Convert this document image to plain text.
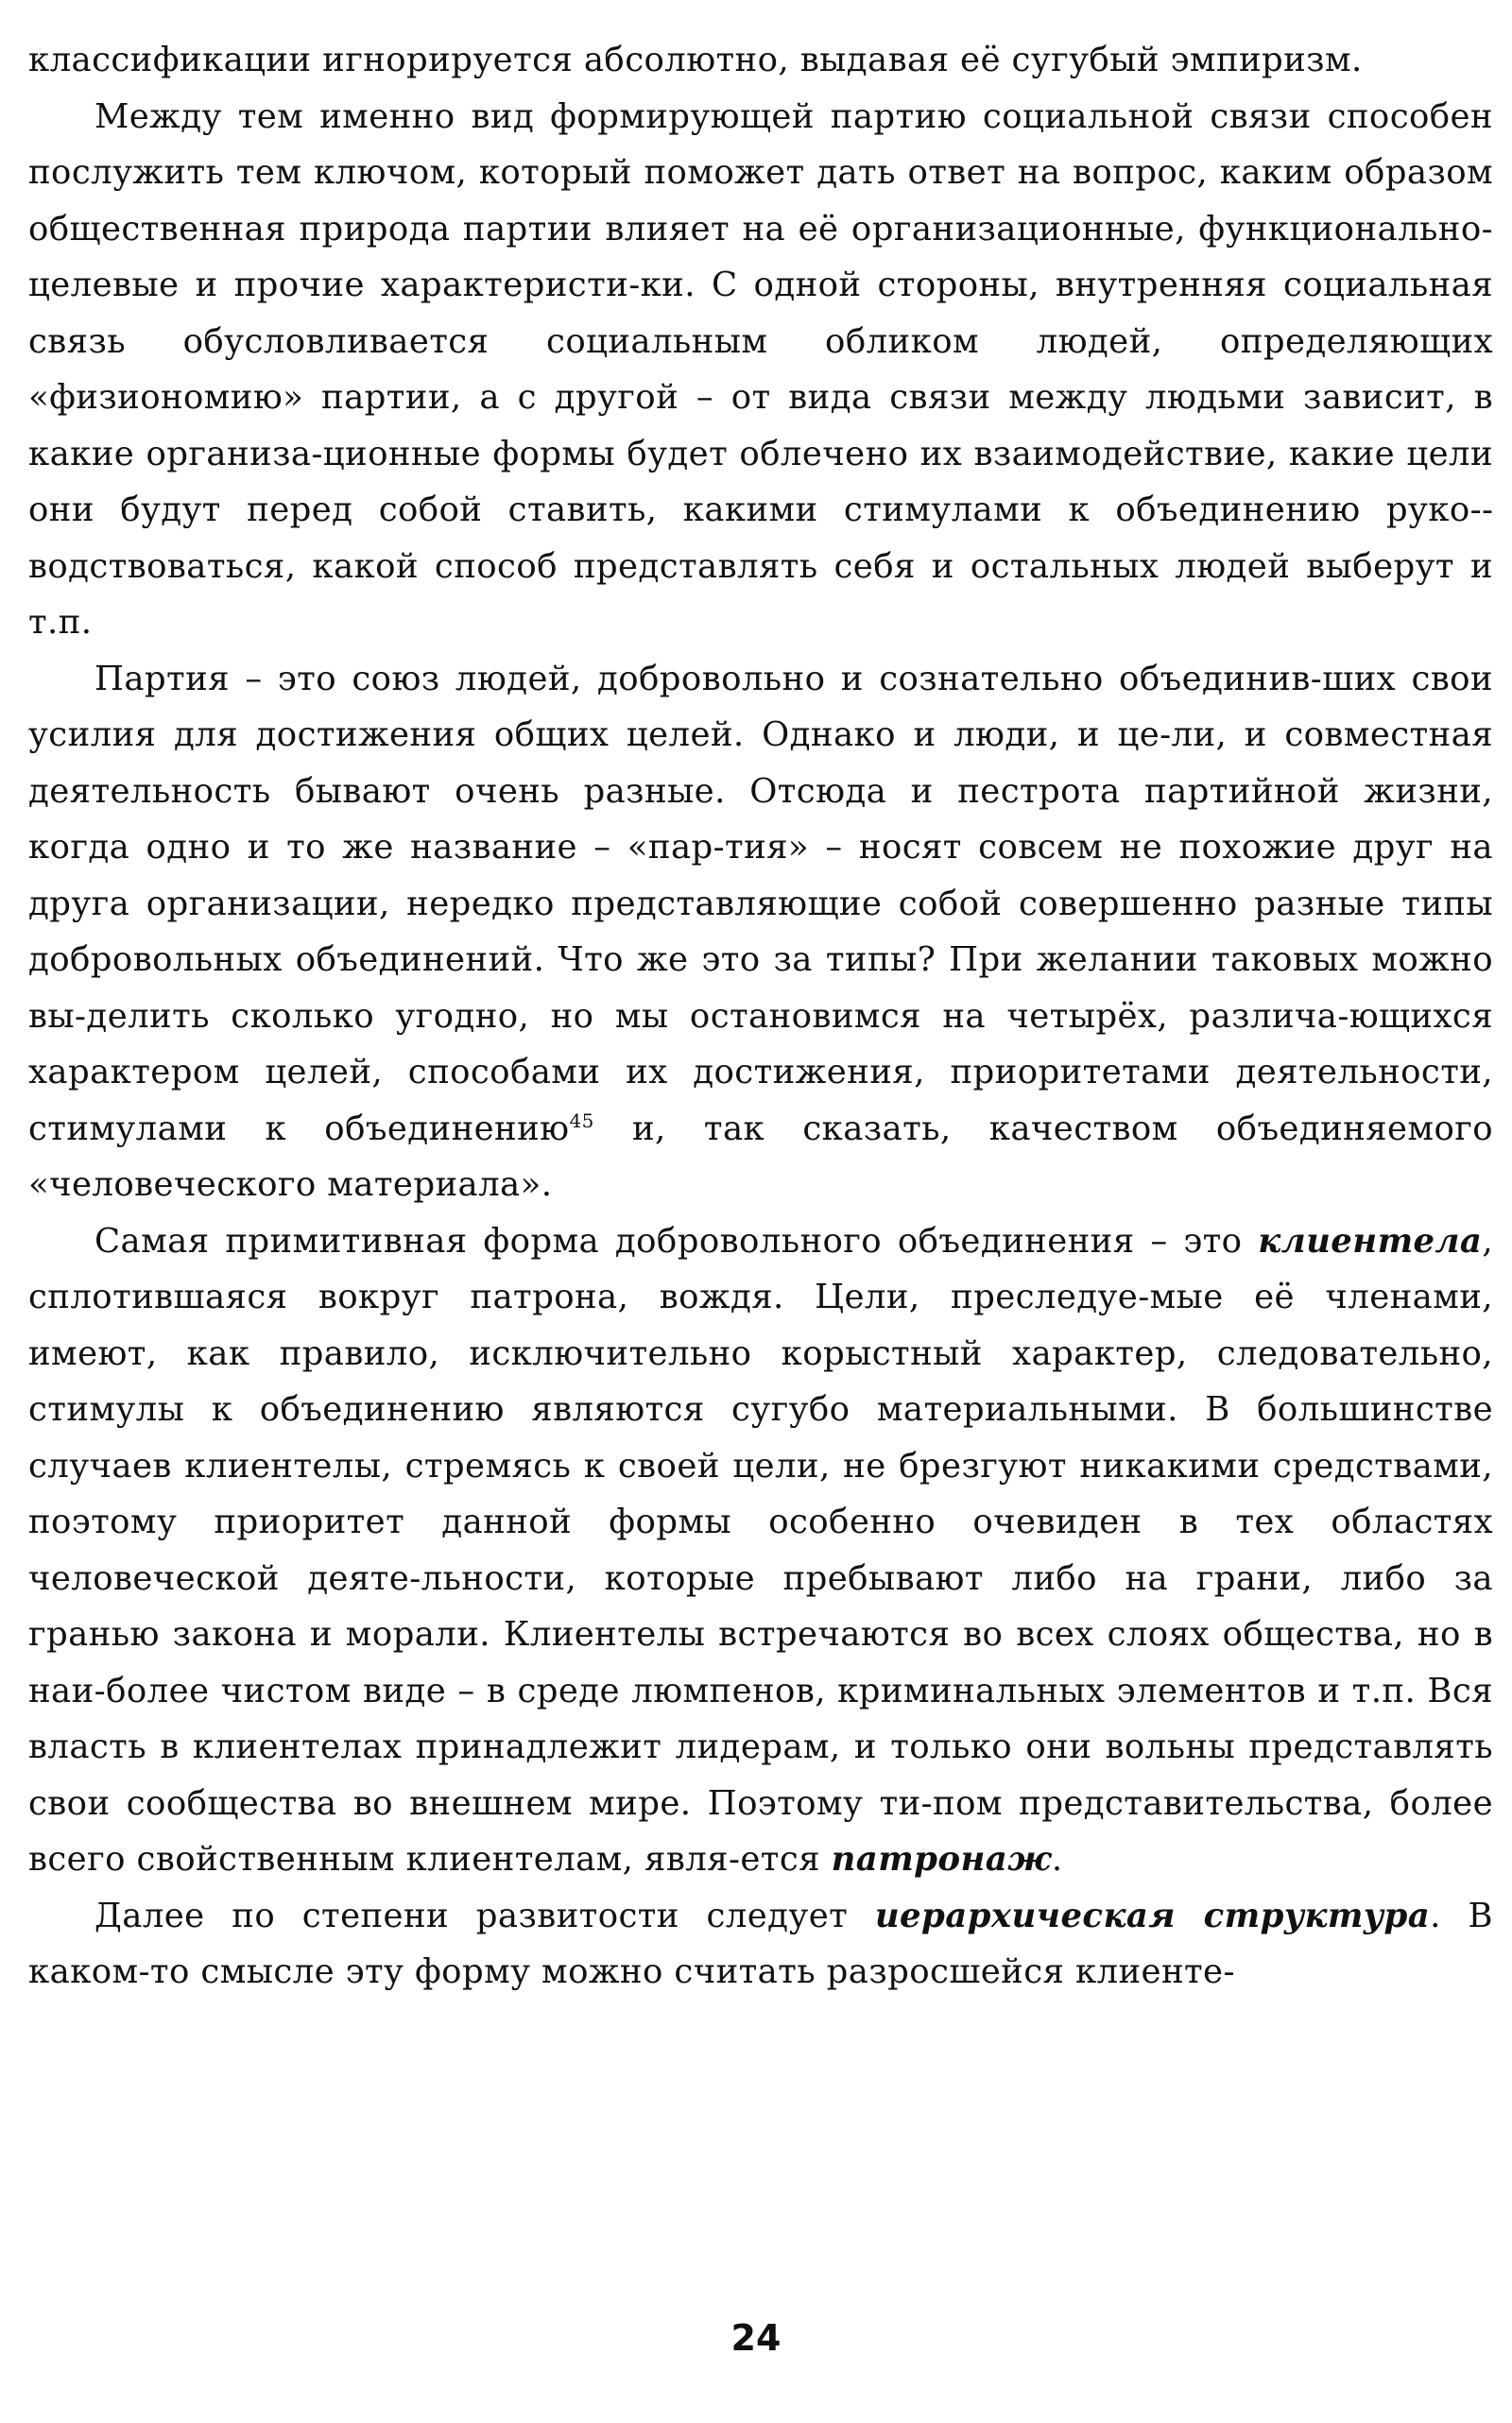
классификации игнорируется абсолютно, выдавая её сугубый эмпиризм.

Между тем именно вид формирующей партию социальной связи способен послужить тем ключом, который поможет дать ответ на вопрос, каким образом общественная природа партии влияет на её организационные, функционально-целевые и прочие характеристи-ки. С одной стороны, внутренняя социальная связь обусловливается социальным обликом людей, определяющих «физиономию» партии, а с другой – от вида связи между людьми зависит, в какие организа-ционные формы будет облечено их взаимодействие, какие цели они будут перед собой ставить, какими стимулами к объединению руко-водствоваться, какой способ представлять себя и остальных людей выберут и т.п.

Партия – это союз людей, добровольно и сознательно объединив-ших свои усилия для достижения общих целей. Однако и люди, и це-ли, и совместная деятельность бывают очень разные. Отсюда и пестрота партийной жизни, когда одно и то же название – «пар-тия» – носят совсем не похожие друг на друга организации, нередко представляющие собой совершенно разные типы добровольных объединений. Что же это за типы? При желании таковых можно вы-делить сколько угодно, но мы остановимся на четырёх, различа-ющихся характером целей, способами их достижения, приоритетами деятельности, стимулами к объединению$^{45}$ и, так сказать, качеством объединяемого «человеческого материала».

Самая примитивная форма добровольного объединения – это клиентела, сплотившаяся вокруг патрона, вождя. Цели, преследуе-мые её членами, имеют, как правило, исключительно корыстный характер, следовательно, стимулы к объединению являются сугубо материальными. В большинстве случаев клиентелы, стремясь к своей цели, не брезгуют никакими средствами, поэтому приоритет данной формы особенно очевиден в тех областях человеческой деяте-льности, которые пребывают либо на грани, либо за гранью закона и морали. Клиентелы встречаются во всех слоях общества, но в наи-более чистом виде – в среде люмпенов, криминальных элементов и т.п. Вся власть в клиентелах принадлежит лидерам, и только они вольны представлять свои сообщества во внешнем мире. Поэтому ти-пом представительства, более всего свойственным клиентелам, явля-ется патронаж.

Далее по степени развитости следует иерархическая структура. В каком-то смысле эту форму можно считать разросшейся клиенте-

24
